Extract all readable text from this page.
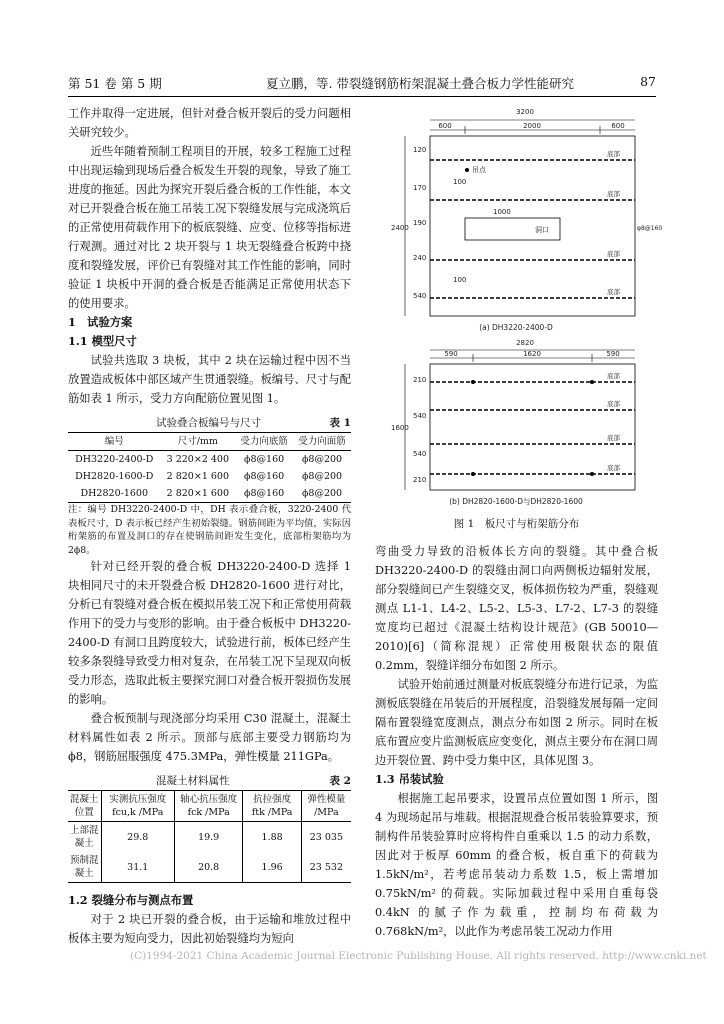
第 51 卷 第 5 期	夏立鹏，等. 带裂缝钢筋桁架混凝土叠合板力学性能研究	87

工作并取得一定进展，但针对叠合板开裂后的受力问题相关研究较少。

近些年随着预制工程项目的开展，较多工程施工过程中出现运输到现场后叠合板发生开裂的现象，导致了施工进度的拖延。因此为探究开裂后叠合板的工作性能，本文对已开裂叠合板在施工吊装工况下裂缝发展与完成浇筑后的正常使用荷载作用下的板底裂缝、应变、位移等指标进行观测。通过对比 2 块开裂与 1 块无裂缝叠合板跨中挠度和裂缝发展，评价已有裂缝对其工作性能的影响，同时验证 1 块板中开洞的叠合板是否能满足正常使用状态下的使用要求。

1　试验方案

1.1 模型尺寸

试验共选取 3 块板，其中 2 块在运输过程中因不当放置造成板体中部区域产生贯通裂缝。板编号、尺寸与配筋如表 1 所示，受力方向配筋位置见图 1。

试验叠合板编号与尺寸	表 1
编号	尺寸/mm	受力向底筋	受力向面筋
DH3220-2400-D	3 220×2 400	ϕ8@160	ϕ8@200
DH2820-1600-D	2 820×1 600	ϕ8@160	ϕ8@200
DH2820-1600	2 820×1 600	ϕ8@160	ϕ8@200

注：编号 DH3220-2400-D 中，DH 表示叠合板，3220-2400 代表板尺寸，D 表示板已经产生初始裂缝。钢筋间距为平均值，实际因桁架筋的布置及洞口的存在使钢筋间距发生变化，底部桁架筋均为 2ϕ8。

针对已经开裂的叠合板 DH3220-2400-D 选择 1 块相同尺寸的未开裂叠合板 DH2820-1600 进行对比，分析已有裂缝对叠合板在模拟吊装工况下和正常使用荷载作用下的受力与变形的影响。由于叠合板板中 DH3220-2400-D 有洞口且跨度较大，试验进行前，板体已经产生较多条裂缝导致受力相对复杂，在吊装工况下呈现双向板受力形态，选取此板主要探究洞口对叠合板开裂损伤发展的影响。

叠合板预制与现浇部分均采用 C30 混凝土，混凝土材料属性如表 2 所示。顶部与底部主要受力钢筋均为 ϕ8，钢筋屈服强度 475.3MPa，弹性模量 211GPa。

混凝土材料属性	表 2
混凝土位置	实测抗压强度 fcu,k /MPa	轴心抗压强度 fck /MPa	抗拉强度 ftk /MPa	弹性模量 /MPa
上部混凝土	29.8	19.9	1.88	23 035
预制混凝土	31.1	20.8	1.96	23 532

1.2 裂缝分布与测点布置

对于 2 块已开裂的叠合板，由于运输和堆放过程中板体主要为短向受力，因此初始裂缝均为短向

3200
600	2000	600
2400
120
170
190
240
540
1000
洞口
100
100
吊点
φ8@160
底部
底部
底部
底部
(a) DH3220-2400-D
2820
590	1620	590
1600
210
540
540
210
底部
底部
底部
底部
(b) DH2820-1600-D与DH2820-1600
图 1　板尺寸与桁架筋分布

弯曲受力导致的沿板体长方向的裂缝。其中叠合板 DH3220-2400-D 的裂缝由洞口向两侧板边辐射发展，部分裂缝间已产生裂缝交叉，板体损伤较为严重，裂缝观测点 L1-1、L4-2、L5-2、L5-3、L7-2、L7-3 的裂缝宽度均已超过《混凝土结构设计规范》(GB 50010—2010)[6]（简称混规）正常使用极限状态的限值 0.2mm，裂缝详细分布如图 2 所示。

试验开始前通过测量对板底裂缝分布进行记录，为监测板底裂缝在吊装后的开展程度，沿裂缝发展每隔一定间隔布置裂缝宽度测点，测点分布如图 2 所示。同时在板底布置应变片监测板底应变变化，测点主要分布在洞口周边开裂位置、跨中受力集中区，具体见图 3。

1.3 吊装试验

根据施工起吊要求，设置吊点位置如图 1 所示，图 4 为现场起吊与堆载。根据混规叠合板吊装验算要求，预制构件吊装验算时应将构件自重乘以 1.5 的动力系数，因此对于板厚 60mm 的叠合板，板自重下的荷载为 1.5kN/m²，若考虑吊装动力系数 1.5，板上需增加 0.75kN/m² 的荷载。实际加载过程中采用自重每袋 0.4kN 的腻子作为载重，控制均布荷载为 0.768kN/m²，以此作为考虑吊装工况动力作用

(C)1994-2021 China Academic Journal Electronic Publishing House. All rights reserved. http://www.cnki.net
